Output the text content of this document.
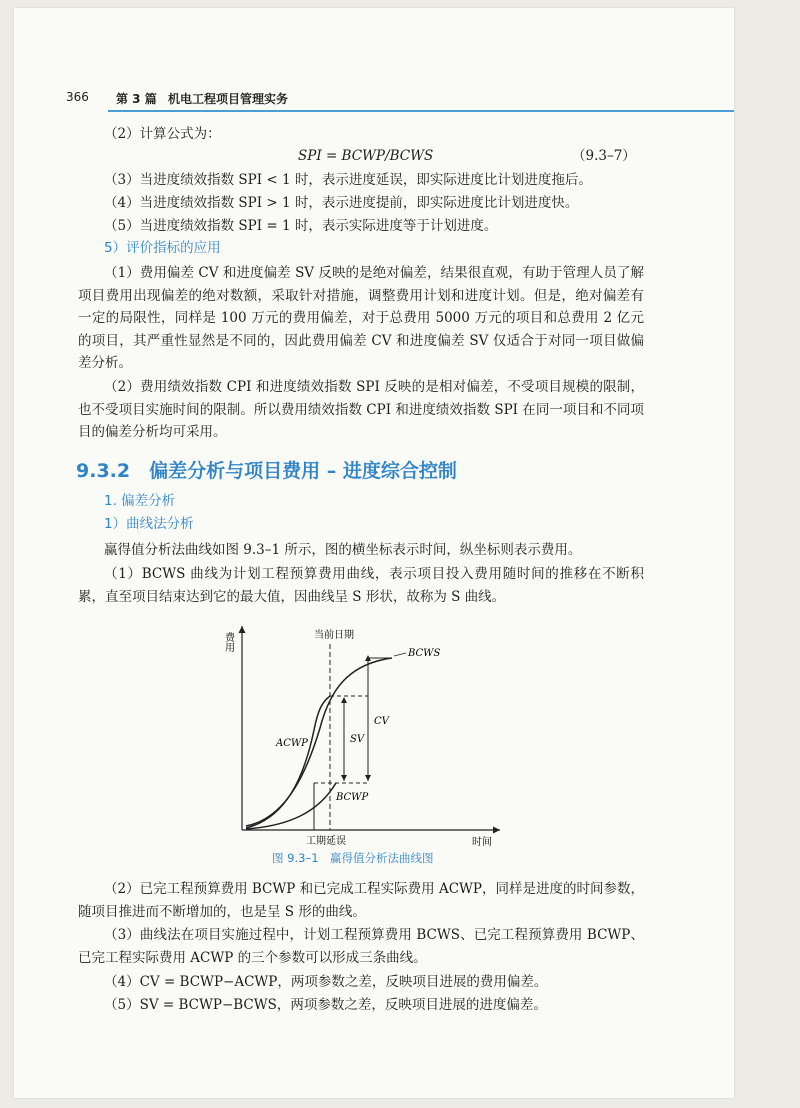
366 第 3 篇 机电工程项目管理实务
（2）计算公式为：
SPI = BCWP/BCWS	（9.3–7）
（3）当进度绩效指数 SPI < 1 时，表示进度延误，即实际进度比计划进度拖后。
（4）当进度绩效指数 SPI > 1 时，表示进度提前，即实际进度比计划进度快。
（5）当进度绩效指数 SPI = 1 时，表示实际进度等于计划进度。
5）评价指标的应用
（1）费用偏差 CV 和进度偏差 SV 反映的是绝对偏差，结果很直观，有助于管理人员了解项目费用出现偏差的绝对数额，采取针对措施，调整费用计划和进度计划。但是，绝对偏差有一定的局限性，同样是 100 万元的费用偏差，对于总费用 5000 万元的项目和总费用 2 亿元的项目，其严重性显然是不同的，因此费用偏差 CV 和进度偏差 SV 仅适合于对同一项目做偏差分析。
（2）费用绩效指数 CPI 和进度绩效指数 SPI 反映的是相对偏差，不受项目规模的限制，也不受项目实施时间的限制。所以费用绩效指数 CPI 和进度绩效指数 SPI 在同一项目和不同项目的偏差分析均可采用。
9.3.2　偏差分析与项目费用 – 进度综合控制
1. 偏差分析
1）曲线法分析
赢得值分析法曲线如图 9.3–1 所示，图的横坐标表示时间，纵坐标则表示费用。
（1）BCWS 曲线为计划工程预算费用曲线，表示项目投入费用随时间的推移在不断积累，直至项目结束达到它的最大值，因曲线呈 S 形状，故称为 S 曲线。
费用
时间
当前日期
BCWS
ACWP
BCWP
CV
SV
工期延误
图 9.3–1　赢得值分析法曲线图
（2）已完工程预算费用 BCWP 和已完成工程实际费用 ACWP，同样是进度的时间参数，随项目推进而不断增加的，也是呈 S 形的曲线。
（3）曲线法在项目实施过程中，计划工程预算费用 BCWS、已完工程预算费用 BCWP、已完工程实际费用 ACWP 的三个参数可以形成三条曲线。
（4）CV = BCWP−ACWP，两项参数之差，反映项目进展的费用偏差。
（5）SV = BCWP−BCWS，两项参数之差，反映项目进展的进度偏差。
